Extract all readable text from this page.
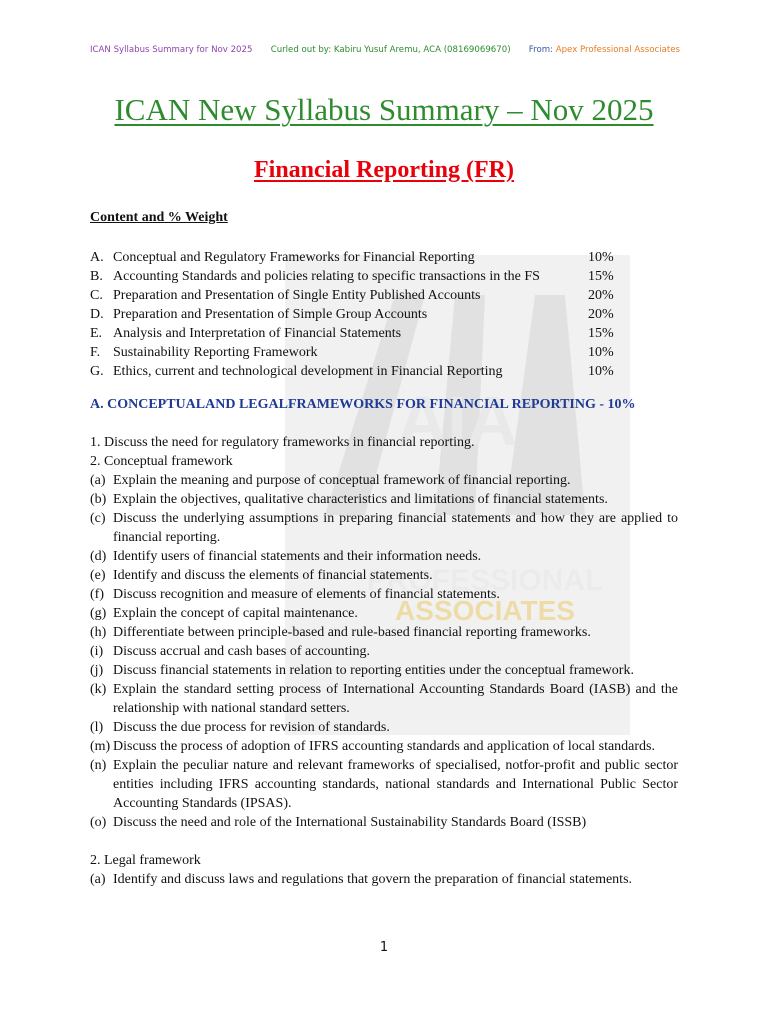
ICAN Syllabus Summary for Nov 2025 Curled out by: Kabiru Yusuf Aremu, ACA (08169069670) From: Apex Professional Associates
AIA
PROFESSIONAL
ASSOCIATES
ICAN New Syllabus Summary – Nov 2025
Financial Reporting (FR)
Content and % Weight
A. Conceptual and Regulatory Frameworks for Financial Reporting	10%
B. Accounting Standards and policies relating to specific transactions in the FS	15%
C. Preparation and Presentation of Single Entity Published Accounts	20%
D. Preparation and Presentation of Simple Group Accounts	20%
E. Analysis and Interpretation of Financial Statements	15%
F. Sustainability Reporting Framework	10%
G. Ethics, current and technological development in Financial Reporting	10%
A. CONCEPTUALAND LEGALFRAMEWORKS FOR FINANCIAL REPORTING - 10%
1. Discuss the need for regulatory frameworks in financial reporting.
2. Conceptual framework
(a) Explain the meaning and purpose of conceptual framework of financial reporting.
(b) Explain the objectives, qualitative characteristics and limitations of financial statements.
(c) Discuss the underlying assumptions in preparing financial statements and how they are applied to financial reporting.
(d) Identify users of financial statements and their information needs.
(e) Identify and discuss the elements of financial statements.
(f) Discuss recognition and measure of elements of financial statements.
(g) Explain the concept of capital maintenance.
(h) Differentiate between principle-based and rule-based financial reporting frameworks.
(i) Discuss accrual and cash bases of accounting.
(j) Discuss financial statements in relation to reporting entities under the conceptual framework.
(k) Explain the standard setting process of International Accounting Standards Board (IASB) and the relationship with national standard setters.
(l) Discuss the due process for revision of standards.
(m) Discuss the process of adoption of IFRS accounting standards and application of local standards.
(n) Explain the peculiar nature and relevant frameworks of specialised, notfor-profit and public sector entities including IFRS accounting standards, national standards and International Public Sector Accounting Standards (IPSAS).
(o) Discuss the need and role of the International Sustainability Standards Board (ISSB)
2. Legal framework
(a) Identify and discuss laws and regulations that govern the preparation of financial statements.
1
